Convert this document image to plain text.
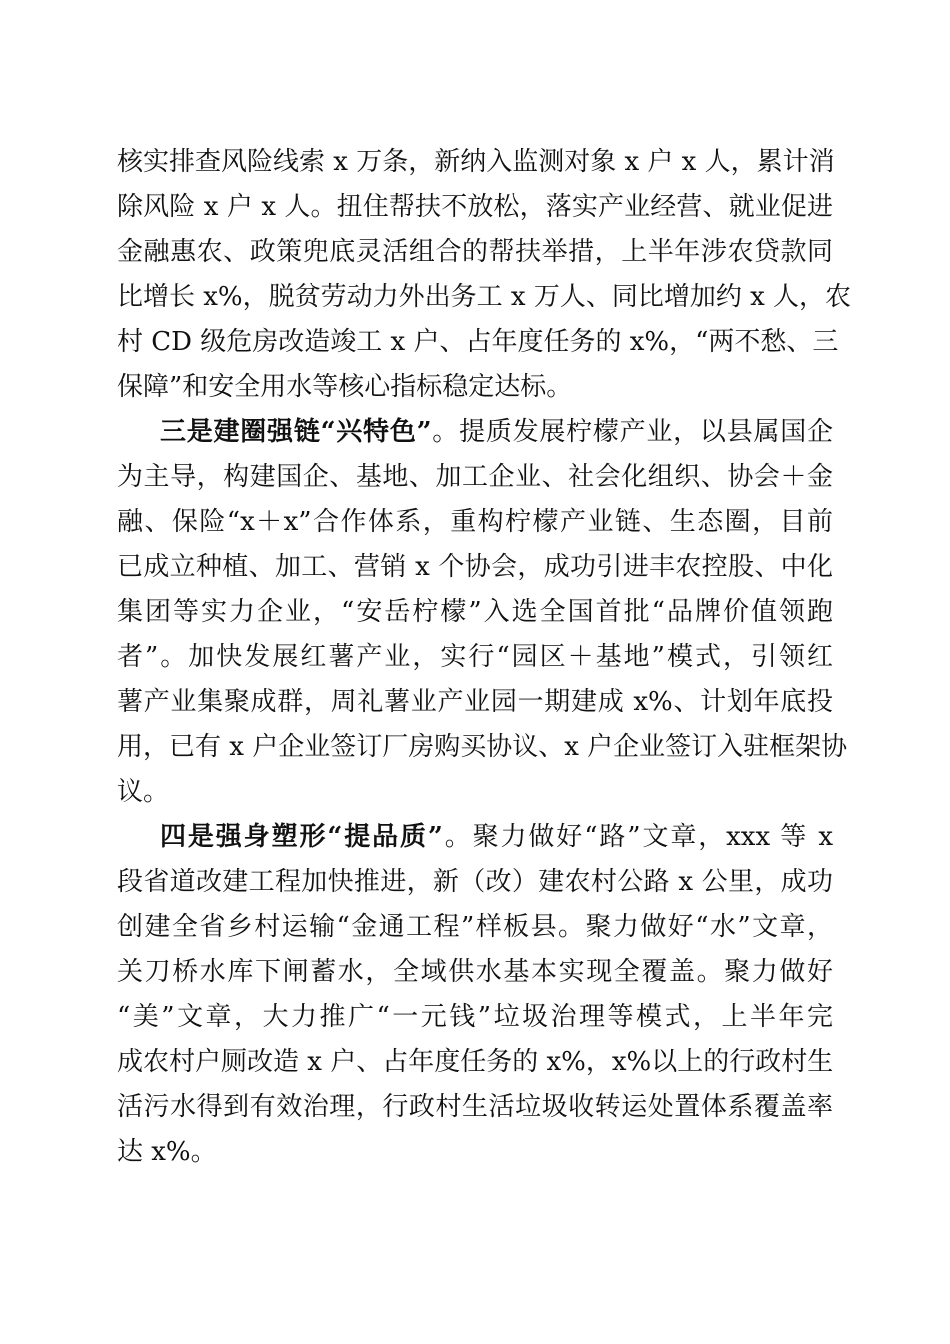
核实排查风险线索 x 万条，新纳入监测对象 x 户 x 人，累计消
除风险 x 户 x 人。扭住帮扶不放松，落实产业经营、就业促进
金融惠农、政策兜底灵活组合的帮扶举措，上半年涉农贷款同
比增长 x%，脱贫劳动力外出务工 x 万人、同比增加约 x 人，农
村 CD 级危房改造竣工 x 户、占年度任务的 x%，“两不愁、三
保障”和安全用水等核心指标稳定达标。
三是建圈强链“兴特色”。提质发展柠檬产业，以县属国企
为主导，构建国企、基地、加工企业、社会化组织、协会＋金
融、保险“x＋x”合作体系，重构柠檬产业链、生态圈，目前
已成立种植、加工、营销 x 个协会，成功引进丰农控股、中化
集团等实力企业，“安岳柠檬”入选全国首批“品牌价值领跑
者”。加快发展红薯产业，实行“园区＋基地”模式，引领红
薯产业集聚成群，周礼薯业产业园一期建成 x%、计划年底投
用，已有 x 户企业签订厂房购买协议、x 户企业签订入驻框架协
议。
四是强身塑形“提品质”。聚力做好“路”文章，xxx 等 x
段省道改建工程加快推进，新（改）建农村公路 x 公里，成功
创建全省乡村运输“金通工程”样板县。聚力做好“水”文章，
关刀桥水库下闸蓄水，全域供水基本实现全覆盖。聚力做好
“美”文章，大力推广“一元钱”垃圾治理等模式，上半年完
成农村户厕改造 x 户、占年度任务的 x%，x%以上的行政村生
活污水得到有效治理，行政村生活垃圾收转运处置体系覆盖率
达 x%。
